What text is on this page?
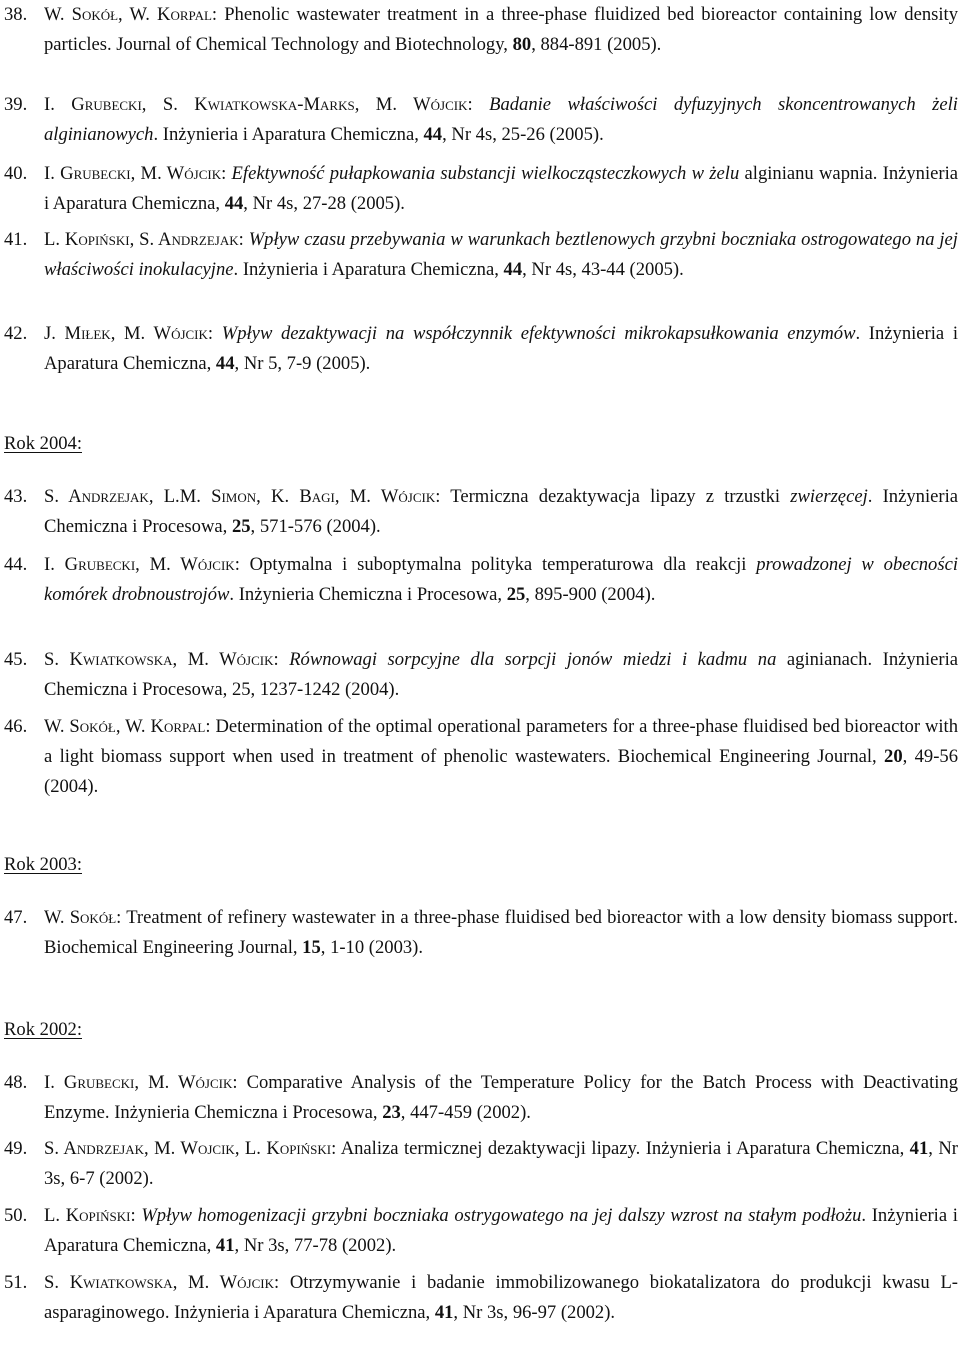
38. W. Sokół, W. Korpal: Phenolic wastewater treatment in a three-phase fluidized bed bioreactor containing low density particles. Journal of Chemical Technology and Biotechnology, 80, 884-891 (2005).
39. I. Grubecki, S. Kwiatkowska-Marks, M. Wójcik: Badanie właściwości dyfuzyjnych skoncentrowanych żeli alginianowych. Inżynieria i Aparatura Chemiczna, 44, Nr 4s, 25-26 (2005).
40. I. Grubecki, M. Wójcik: Efektywność pułapkowania substancji wielkocząsteczkowych w żelu alginianu wapnia. Inżynieria i Aparatura Chemiczna, 44, Nr 4s, 27-28 (2005).
41. L. Kopiński, S. Andrzejak: Wpływ czasu przebywania w warunkach beztlenowych grzybni boczniaka ostrogowatego na jej właściwości inokulacyjne. Inżynieria i Aparatura Chemiczna, 44, Nr 4s, 43-44 (2005).
42. J. Miłek, M. Wójcik: Wpływ dezaktywacji na współczynnik efektywności mikrokapsułkowania enzymów. Inżynieria i Aparatura Chemiczna, 44, Nr 5, 7-9 (2005).
43. S. Andrzejak, L.M. Simon, K. Bagi, M. Wójcik: Termiczna dezaktywacja lipazy z trzustki zwierzęcej. Inżynieria Chemiczna i Procesowa, 25, 571-576 (2004).
44. I. Grubecki, M. Wójcik: Optymalna i suboptymalna polityka temperaturowa dla reakcji prowadzonej w obecności komórek drobnoustrojów. Inżynieria Chemiczna i Procesowa, 25, 895-900 (2004).
45. S. Kwiatkowska, M. Wójcik: Równowagi sorpcyjne dla sorpcji jonów miedzi i kadmu na aginianach. Inżynieria Chemiczna i Procesowa, 25, 1237-1242 (2004).
46. W. Sokół, W. Korpal: Determination of the optimal operational parameters for a three-phase fluidised bed bioreactor with a light biomass support when used in treatment of phenolic wastewaters. Biochemical Engineering Journal, 20, 49-56 (2004).
47. W. Sokół: Treatment of refinery wastewater in a three-phase fluidised bed bioreactor with a low density biomass support. Biochemical Engineering Journal, 15, 1-10 (2003).
48. I. Grubecki, M. Wójcik: Comparative Analysis of the Temperature Policy for the Batch Process with Deactivating Enzyme. Inżynieria Chemiczna i Procesowa, 23, 447-459 (2002).
49. S. Andrzejak, M. Wojcik, L. Kopiński: Analiza termicznej dezaktywacji lipazy. Inżynieria i Aparatura Chemiczna, 41, Nr 3s, 6-7 (2002).
50. L. Kopiński: Wpływ homogenizacji grzybni boczniaka ostrygowatego na jej dalszy wzrost na stałym podłożu. Inżynieria i Aparatura Chemiczna, 41, Nr 3s, 77-78 (2002).
51. S. Kwiatkowska, M. Wójcik: Otrzymywanie i badanie immobilizowanego biokatalizatora do produkcji kwasu L-asparaginowego. Inżynieria i Aparatura Chemiczna, 41, Nr 3s, 96-97 (2002).
Rok 2004:
Rok 2003:
Rok 2002:
